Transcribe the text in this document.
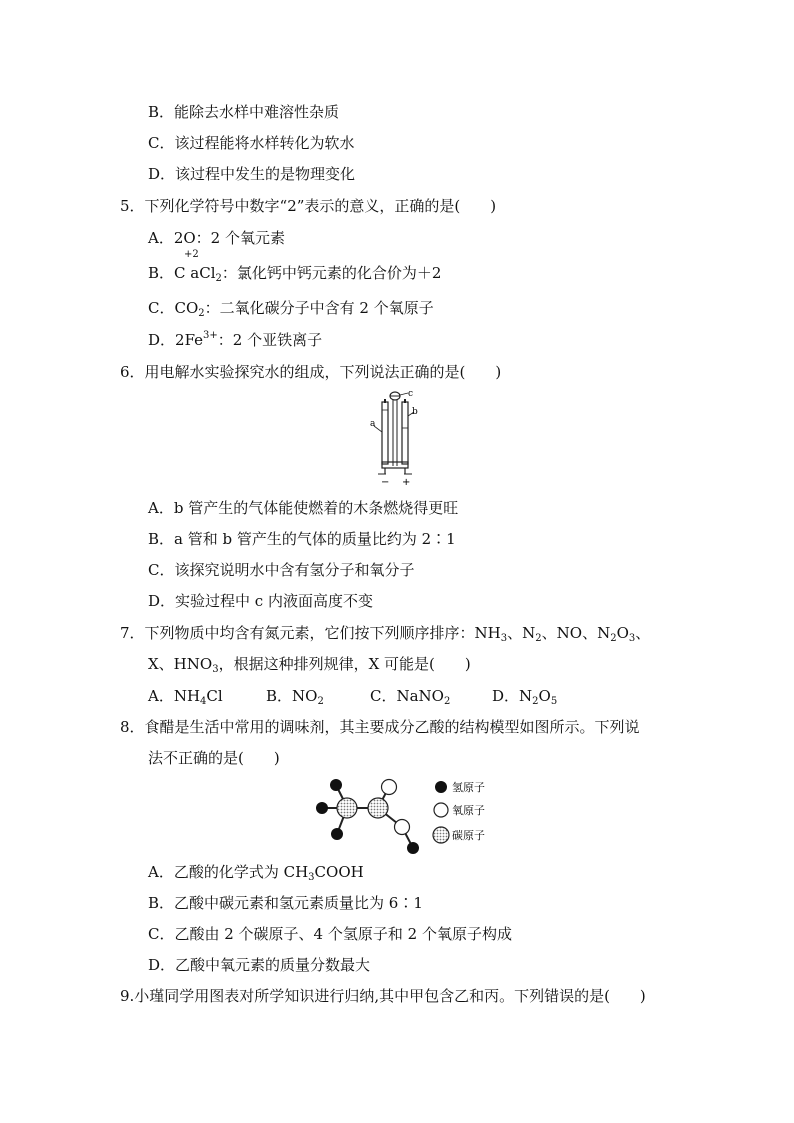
B．能除去水样中难溶性杂质
C．该过程能将水样转化为软水
D．该过程中发生的是物理变化
5．下列化学符号中数字“2”表示的意义，正确的是(　　)
A．2O：2 个氧元素
B．
+2
C aCl$_2$：氯化钙中钙元素的化合价为＋2
C．$CO_2$：二氧化碳分子中含有 2 个氧原子
D．$2Fe^{3+}$：2 个亚铁离子
6．用电解水实验探究水的组成，下列说法正确的是(　　)
c
a
b
− +
A．b 管产生的气体能使燃着的木条燃烧得更旺
B．a 管和 b 管产生的气体的质量比约为 2∶1
C．该探究说明水中含有氢分子和氧分子
D．实验过程中 c 内液面高度不变
7．下列物质中均含有氮元素，它们按下列顺序排序：$NH_3$、$N_2$、NO、$N_2O_3$、
X、$HNO_3$，根据这种排列规律，X 可能是(　　)
A．$NH_4Cl$	B．$NO_2$	C．NaNO$_2$	D．$N_2O_5$
8．食醋是生活中常用的调味剂，其主要成分乙酸的结构模型如图所示。下列说
法不正确的是(　　)
氢原子
氧原子
碳原子
A．乙酸的化学式为 $CH_3COOH$
B．乙酸中碳元素和氢元素质量比为 6∶1
C．乙酸由 2 个碳原子、4 个氢原子和 2 个氧原子构成
D．乙酸中氧元素的质量分数最大
9.小瑾同学用图表对所学知识进行归纳,其中甲包含乙和丙。下列错误的是(　　)
